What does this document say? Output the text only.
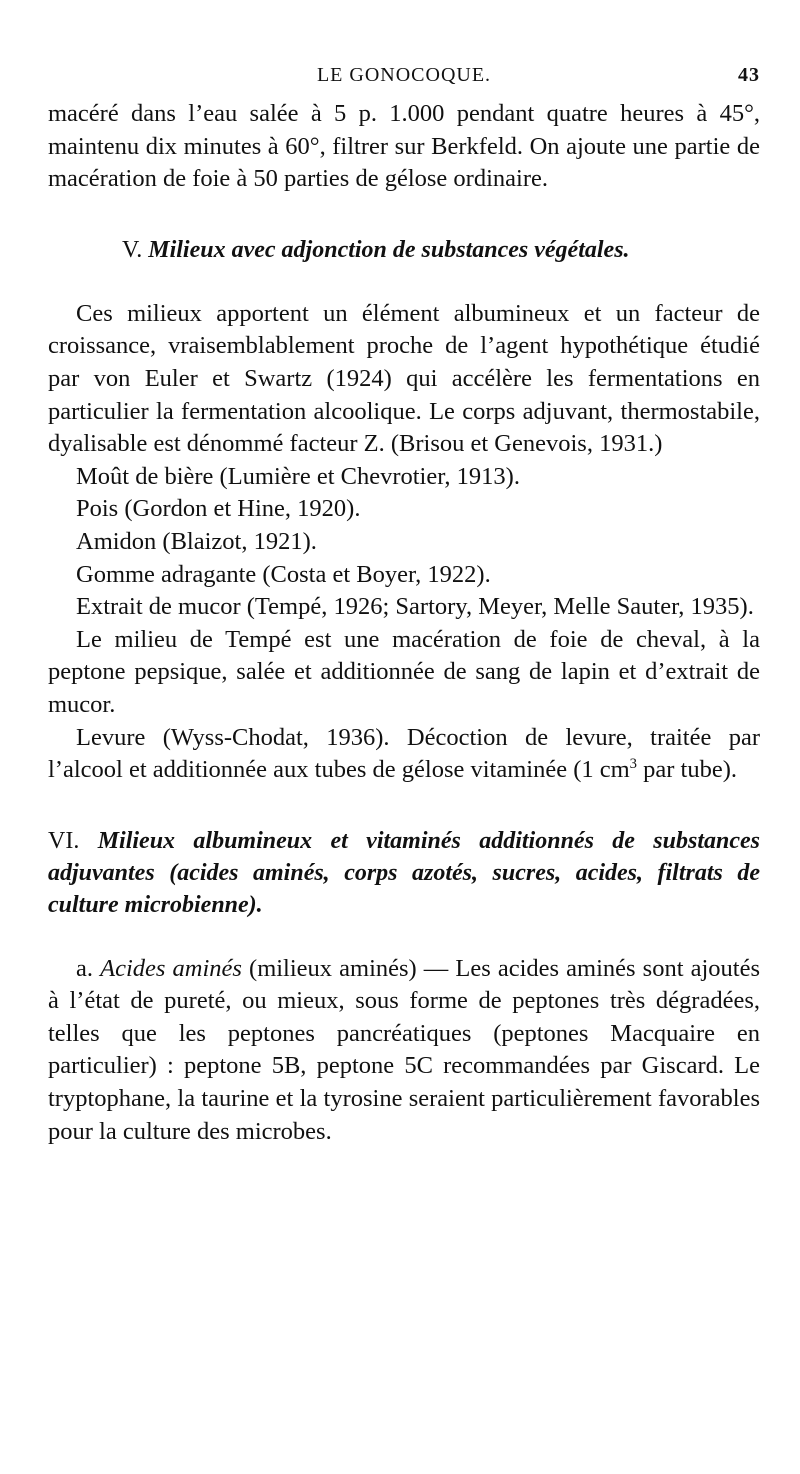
LE GONOCOQUE.	43

macéré dans l’eau salée à 5 p. 1.000 pendant quatre heures à 45°, maintenu dix minutes à 60°, filtrer sur Berkfeld. On ajoute une partie de macération de foie à 50 parties de gélose ordinaire.

V. Milieux avec adjonction de substances végétales.

Ces milieux apportent un élément albumineux et un facteur de croissance, vraisemblablement proche de l’agent hypothétique étudié par von Euler et Swartz (1924) qui accélère les fermentations en particulier la fermentation alcoolique. Le corps adjuvant, thermostabile, dyalisable est dénommé facteur Z. (Brisou et Genevois, 1931.)

Moût de bière (Lumière et Chevrotier, 1913).

Pois (Gordon et Hine, 1920).

Amidon (Blaizot, 1921).

Gomme adragante (Costa et Boyer, 1922).

Extrait de mucor (Tempé, 1926; Sartory, Meyer, Melle Sauter, 1935).

Le milieu de Tempé est une macération de foie de cheval, à la peptone pepsique, salée et additionnée de sang de lapin et d’extrait de mucor.

Levure (Wyss-Chodat, 1936). Décoction de levure, traitée par l’alcool et additionnée aux tubes de gélose vitaminée (1 $cm^3$ par tube).

VI. Milieux albumineux et vitaminés additionnés de substances adjuvantes (acides aminés, corps azotés, sucres, acides, filtrats de culture microbienne).

a. Acides aminés (milieux aminés) — Les acides aminés sont ajoutés à l’état de pureté, ou mieux, sous forme de peptones très dégradées, telles que les peptones pancréatiques (peptones Macquaire en particulier) : peptone 5B, peptone 5C recommandées par Giscard. Le tryptophane, la taurine et la tyrosine seraient particulièrement favorables pour la culture des microbes.
